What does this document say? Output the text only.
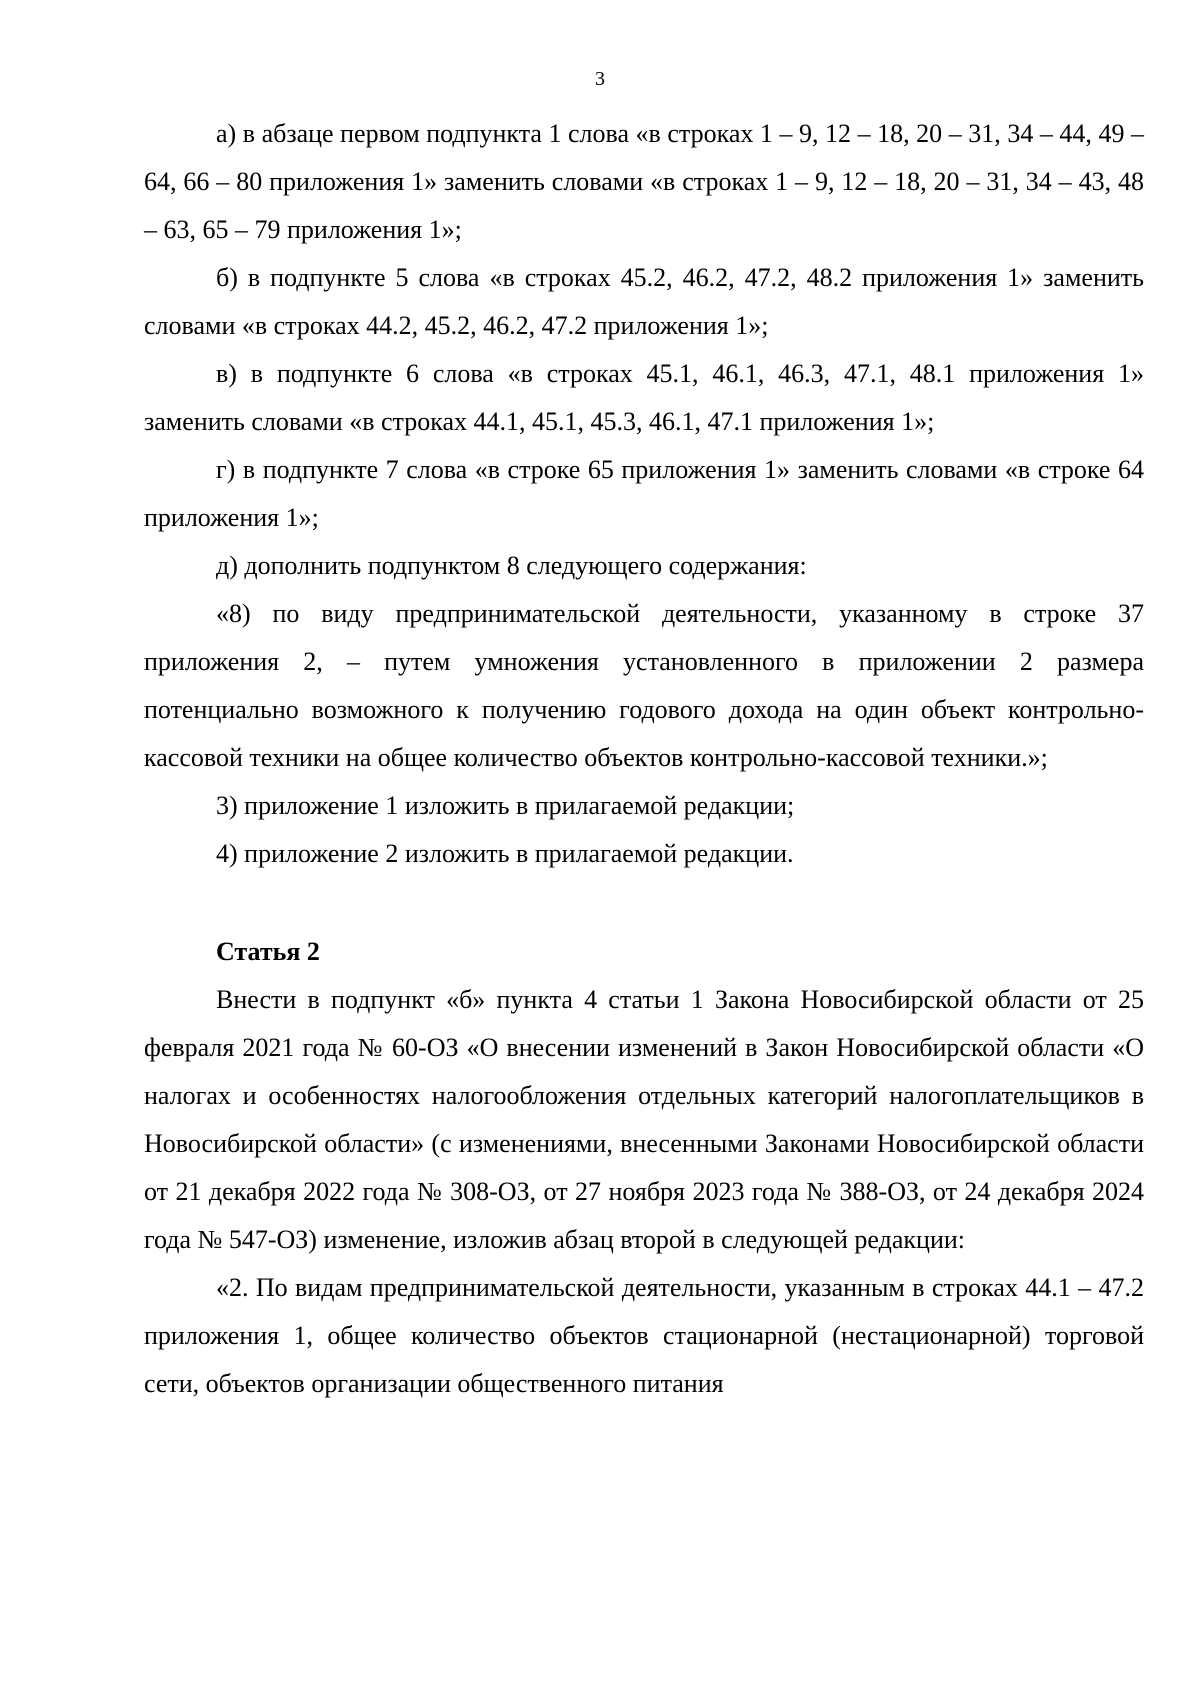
3

а) в абзаце первом подпункта 1 слова «в строках 1 – 9, 12 – 18, 20 – 31, 34 – 44, 49 – 64, 66 – 80 приложения 1» заменить словами «в строках 1 – 9, 12 – 18, 20 – 31, 34 – 43, 48 – 63, 65 – 79 приложения 1»;

б) в подпункте 5 слова «в строках 45.2, 46.2, 47.2, 48.2 приложения 1» заменить словами «в строках 44.2, 45.2, 46.2, 47.2 приложения 1»;

в) в подпункте 6 слова «в строках 45.1, 46.1, 46.3, 47.1, 48.1 приложения 1» заменить словами «в строках 44.1, 45.1, 45.3, 46.1, 47.1 приложения 1»;

г) в подпункте 7 слова «в строке 65 приложения 1» заменить словами «в строке 64 приложения 1»;

д) дополнить подпунктом 8 следующего содержания:

«8) по виду предпринимательской деятельности, указанному в строке 37 приложения 2, – путем умножения установленного в приложении 2 размера потенциально возможного к получению годового дохода на один объект контрольно-кассовой техники на общее количество объектов контрольно-кассовой техники.»;

3) приложение 1 изложить в прилагаемой редакции;

4) приложение 2 изложить в прилагаемой редакции.

Статья 2

Внести в подпункт «б» пункта 4 статьи 1 Закона Новосибирской области от 25 февраля 2021 года № 60-ОЗ «О внесении изменений в Закон Новосибирской области «О налогах и особенностях налогообложения отдельных категорий налогоплательщиков в Новосибирской области» (с изменениями, внесенными Законами Новосибирской области от 21 декабря 2022 года № 308-ОЗ, от 27 ноября 2023 года № 388-ОЗ, от 24 декабря 2024 года № 547-ОЗ) изменение, изложив абзац второй в следующей редакции:

«2. По видам предпринимательской деятельности, указанным в строках 44.1 – 47.2 приложения 1, общее количество объектов стационарной (нестационарной) торговой сети, объектов организации общественного питания
